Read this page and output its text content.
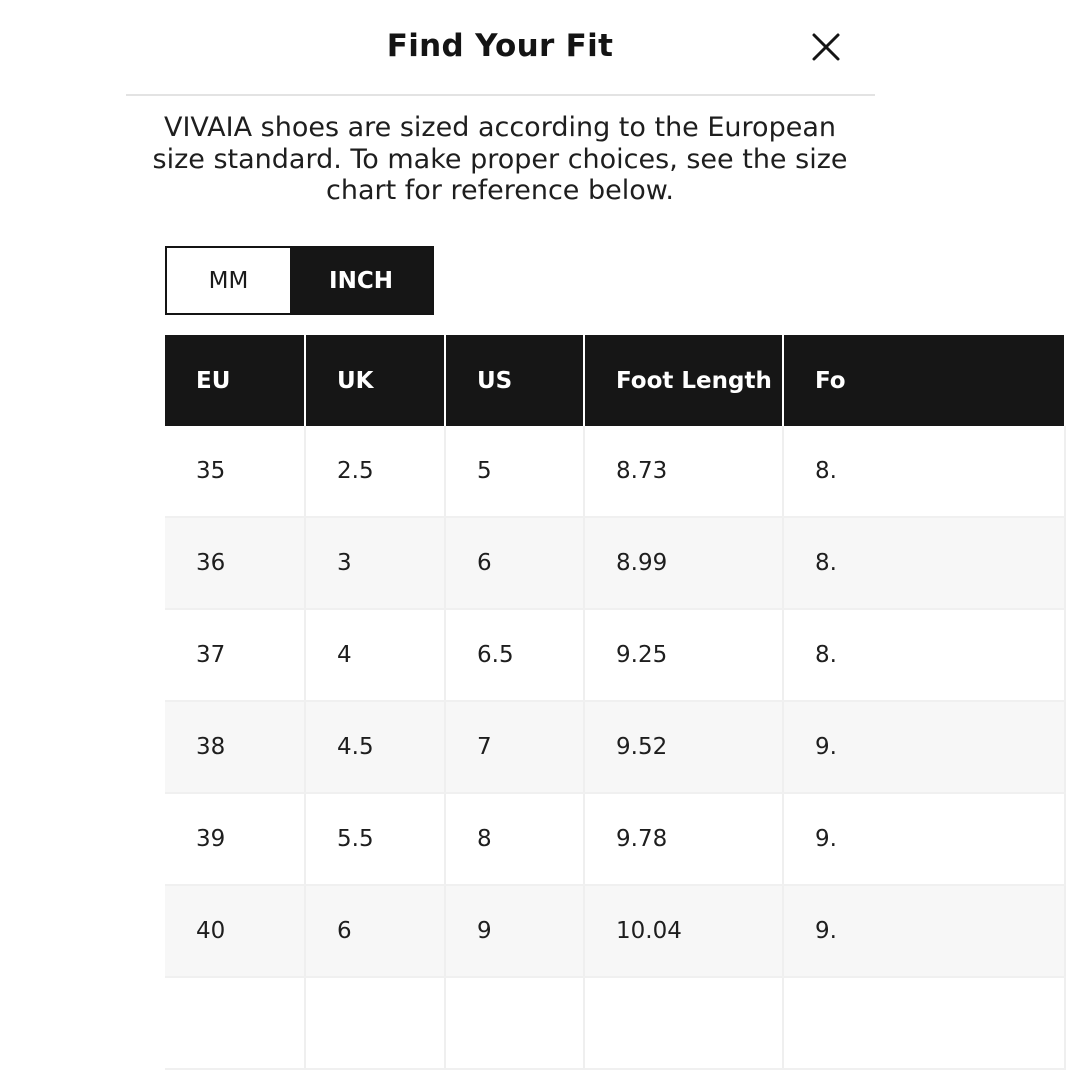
Find Your Fit
VIVAIA shoes are sized according to the European size standard. To make proper choices, see the size chart for reference below.
MM	INCH
EU	UK	US	Foot Length	Fo
35	2.5	5	8.73	8.
36	3	6	8.99	8.
37	4	6.5	9.25	8.
38	4.5	7	9.52	9.
39	5.5	8	9.78	9.
40	6	9	10.04	9.
